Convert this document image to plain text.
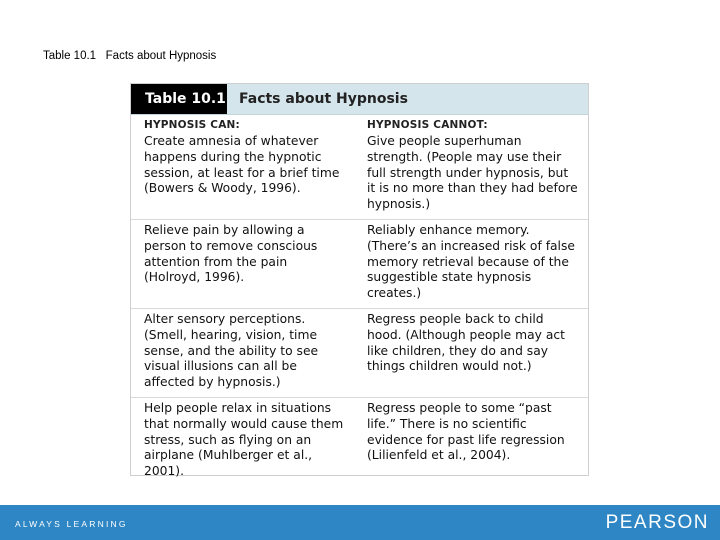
Table 10.1   Facts about Hypnosis
Table 10.1 Facts about Hypnosis
HYPNOSIS CAN:	HYPNOSIS CANNOT:
Create amnesia of whatever happens during the hypnotic session, at least for a brief time (Bowers & Woody, 1996).
Give people superhuman strength. (People may use their full strength under hypnosis, but it is no more than they had before hypnosis.)
Relieve pain by allowing a person to remove conscious attention from the pain (Holroyd, 1996).
Reliably enhance memory. (There’s an increased risk of false memory retrieval because of the suggestible state hypnosis creates.)
Alter sensory perceptions. (Smell, hearing, vision, time sense, and the ability to see visual illusions can all be affected by hypnosis.)
Regress people back to child hood. (Although people may act like children, they do and say things children would not.)
Help people relax in situations that normally would cause them stress, such as flying on an airplane (Muhlberger et al., 2001).
Regress people to some “past life.” There is no scientific evidence for past life regression (Lilienfeld et al., 2004).
ALWAYS LEARNING	PEARSON
